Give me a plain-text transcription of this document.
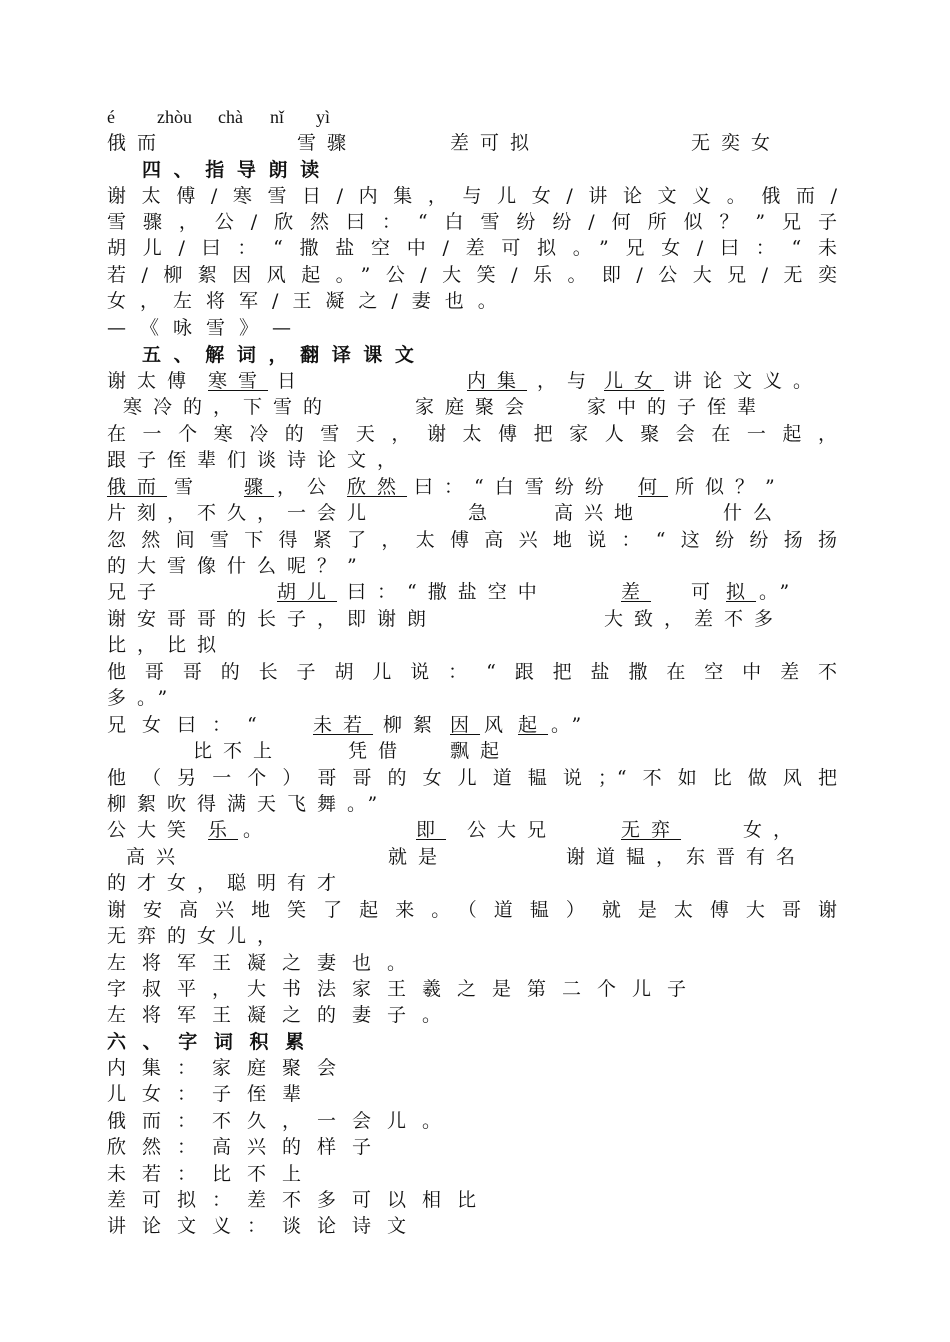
é zhòu chà nǐ yì
俄而	雪骤	差可拟	无奕女
四 、 指 导 朗 读
谢太傅/寒雪日/内集，与儿女/讲论文义。俄而/
雪骤，公/欣然曰：“白雪纷纷/何所似？”兄子
胡儿/曰：“撒盐空中/差可拟。”兄女/曰：“未
若/柳絮因风起。”公/大笑/乐。即/公大兄/无奕
女，左将军/王凝之/妻也。
—《咏雪》—
五 、 解 词 ， 翻 译 课 文
谢太傅 寒雪 日	内集 ，与 儿女 讲论文义。
寒冷的，下雪的	家庭聚会	家中的子侄辈
在一个寒冷的雪天，谢太傅把家人聚会在一起，
跟子侄辈们谈诗论文，
俄而 雪 骤 ，公 欣然 曰：“白雪纷纷 何 所似？”
片刻，不久，一会儿	急	高兴地	什么
忽然间雪下得紧了，太傅高兴地说：“这纷纷扬扬
的大雪像什么呢？”
兄子	胡儿 曰：“撒盐空中	差 可 拟 。”
谢安哥哥的长子，即谢朗	大致，差不多
比，比拟
他哥哥的长子胡儿说：“跟把盐撒在空中差不
多。”
兄女曰：“ 未若 柳絮 因 风 起 。”
比不上	凭借 飘起
他（另一个）哥哥的女儿道韫说；“不如比做风把
柳絮吹得满天飞舞。”
公大笑 乐 。	即 公大兄	无弈	女，
高兴	就是	谢道韫，东晋有名
的才女，聪明有才
谢安高兴地笑了起来。（道韫）就是太傅大哥谢
无弈的女儿，
左将军王凝之妻也。
字叔平，大书法家王羲之是第二个儿子
左将军王凝之的妻子。
六 、 字 词 积 累
内集：家庭聚会
儿女：子侄辈
俄而：不久，一会儿。
欣然：高兴的样子
未若：比不上
差可拟：差不多可以相比
讲论文义：谈论诗文
